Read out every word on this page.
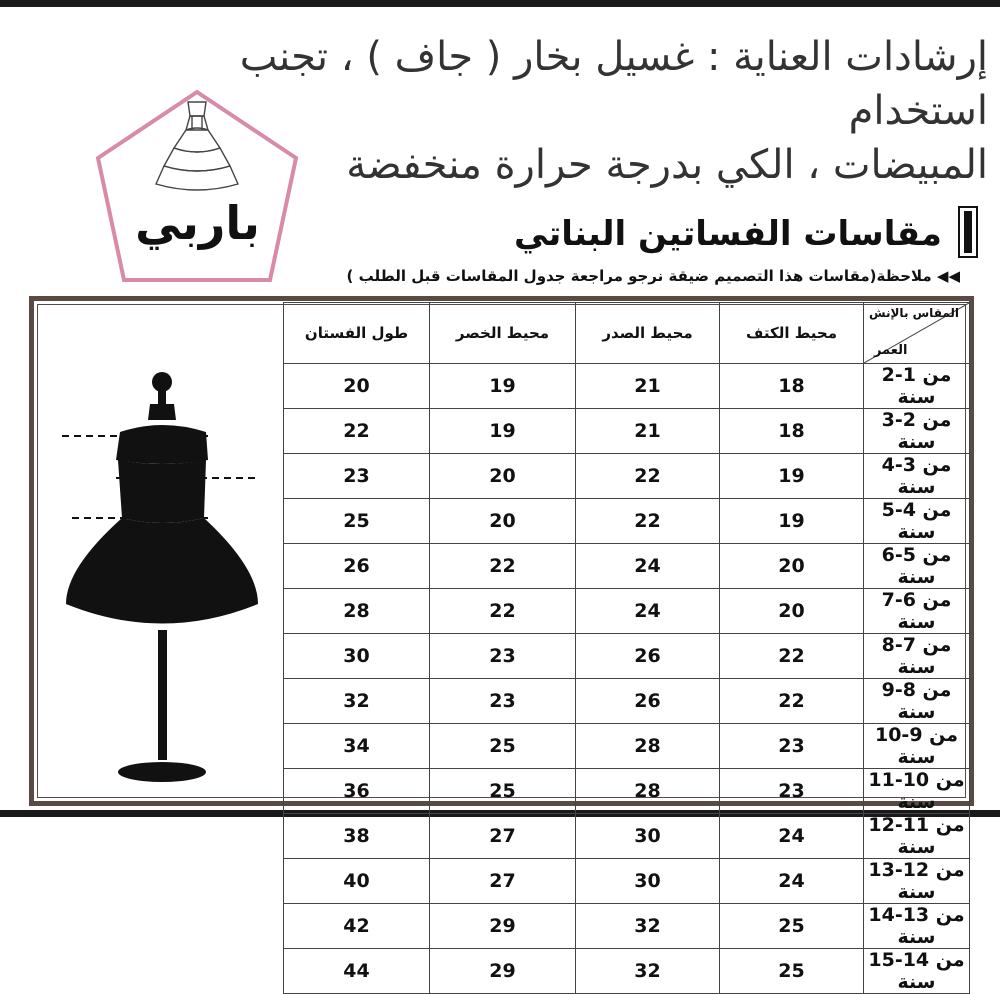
إرشادات العناية : غسيل بخار ( جاف ) ، تجنب استخدام
المبيضات ، الكي بدرجة حرارة منخفضة
باربي	مقاسات الفساتين البناتي
◀◀ ملاحظة(مقاسات هذا التصميم ضيقة نرجو مراجعة جدول المقاسات قبل الطلب )
المقاس بالإنش
العمر	محيط الكتف	محيط الصدر	محيط الخصر	طول الفستان
من 1-2 سنة	18	21	19	20
من 2-3 سنة	18	21	19	22
من 3-4 سنة	19	22	20	23
من 4-5 سنة	19	22	20	25
من 5-6 سنة	20	24	22	26
من 6-7 سنة	20	24	22	28
من 7-8 سنة	22	26	23	30
من 8-9 سنة	22	26	23	32
من 9-10 سنة	23	28	25	34
من 10-11 سنة	23	28	25	36
من 11-12 سنة	24	30	27	38
من 12-13 سنة	24	30	27	40
من 13-14 سنة	25	32	29	42
من 14-15 سنة	25	32	29	44
